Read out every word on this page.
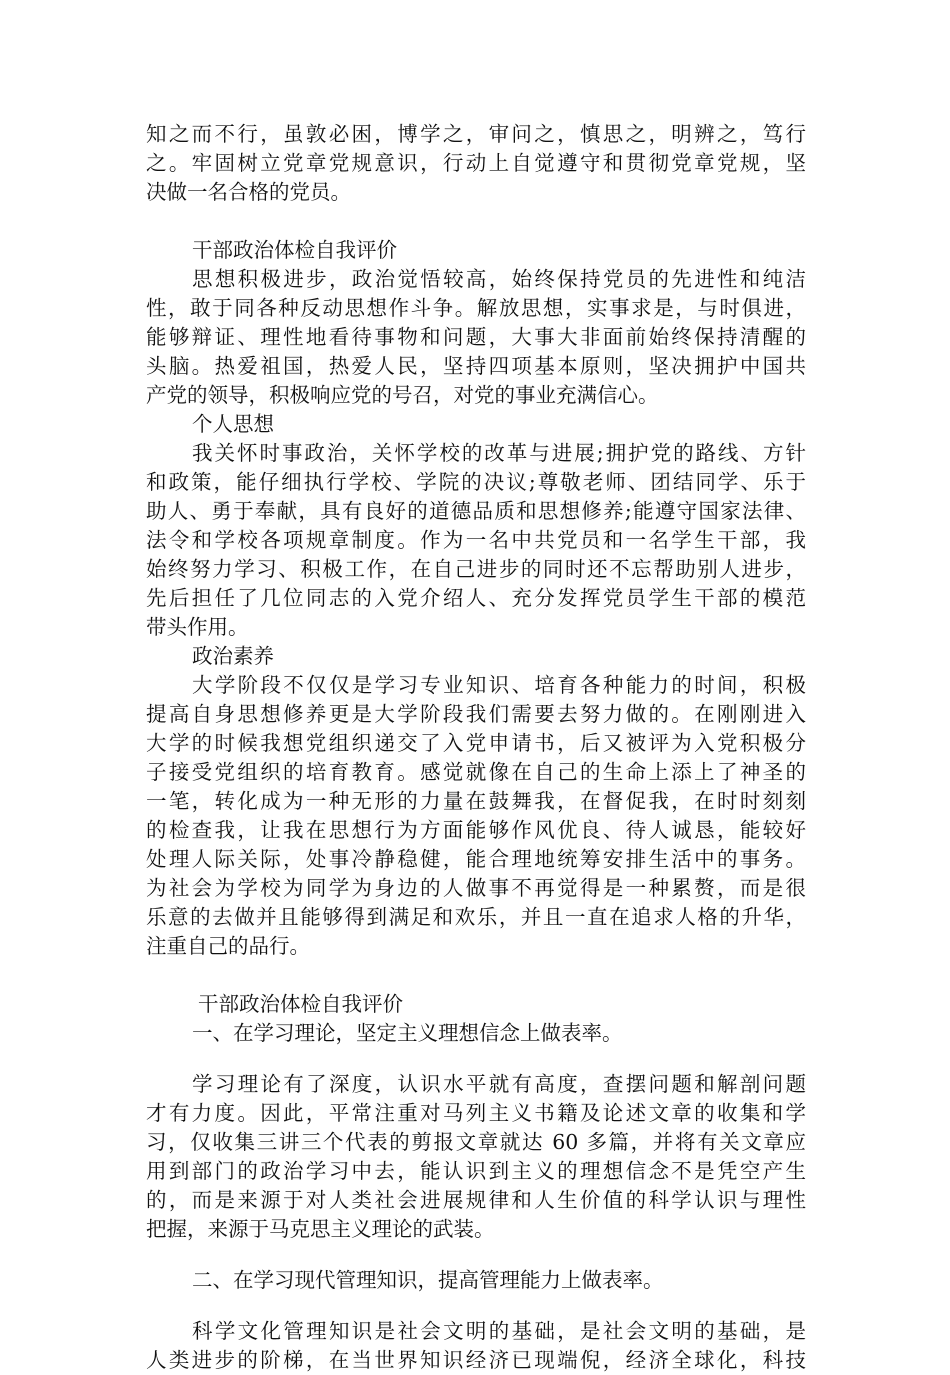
知之而不行，虽敦必困，博学之，审问之，慎思之，明辨之，笃行
之。牢固树立党章党规意识，行动上自觉遵守和贯彻党章党规，坚
决做一名合格的党员。
干部政治体检自我评价
思想积极进步，政治觉悟较高，始终保持党员的先进性和纯洁
性，敢于同各种反动思想作斗争。解放思想，实事求是，与时俱进，
能够辩证、理性地看待事物和问题，大事大非面前始终保持清醒的
头脑。热爱祖国，热爱人民，坚持四项基本原则，坚决拥护中国共
产党的领导，积极响应党的号召，对党的事业充满信心。
个人思想
我关怀时事政治，关怀学校的改革与进展;拥护党的路线、方针
和政策，能仔细执行学校、学院的决议;尊敬老师、团结同学、乐于
助人、勇于奉献，具有良好的道德品质和思想修养;能遵守国家法律、
法令和学校各项规章制度。作为一名中共党员和一名学生干部，我
始终努力学习、积极工作，在自己进步的同时还不忘帮助别人进步，
先后担任了几位同志的入党介绍人、充分发挥党员学生干部的模范
带头作用。
政治素养
大学阶段不仅仅是学习专业知识、培育各种能力的时间，积极
提高自身思想修养更是大学阶段我们需要去努力做的。在刚刚进入
大学的时候我想党组织递交了入党申请书，后又被评为入党积极分
子接受党组织的培育教育。感觉就像在自己的生命上添上了神圣的
一笔，转化成为一种无形的力量在鼓舞我，在督促我，在时时刻刻
的检查我，让我在思想行为方面能够作风优良、待人诚恳，能较好
处理人际关际，处事冷静稳健，能合理地统筹安排生活中的事务。
为社会为学校为同学为身边的人做事不再觉得是一种累赘，而是很
乐意的去做并且能够得到满足和欢乐，并且一直在追求人格的升华，
注重自己的品行。
干部政治体检自我评价
一、在学习理论，坚定主义理想信念上做表率。
学习理论有了深度，认识水平就有高度，查摆问题和解剖问题
才有力度。因此，平常注重对马列主义书籍及论述文章的收集和学
习，仅收集三讲三个代表的剪报文章就达 60 多篇，并将有关文章应
用到部门的政治学习中去，能认识到主义的理想信念不是凭空产生
的，而是来源于对人类社会进展规律和人生价值的科学认识与理性
把握，来源于马克思主义理论的武装。
二、在学习现代管理知识，提高管理能力上做表率。
科学文化管理知识是社会文明的基础，是社会文明的基础，是
人类进步的阶梯，在当世界知识经济已现端倪，经济全球化，科技
